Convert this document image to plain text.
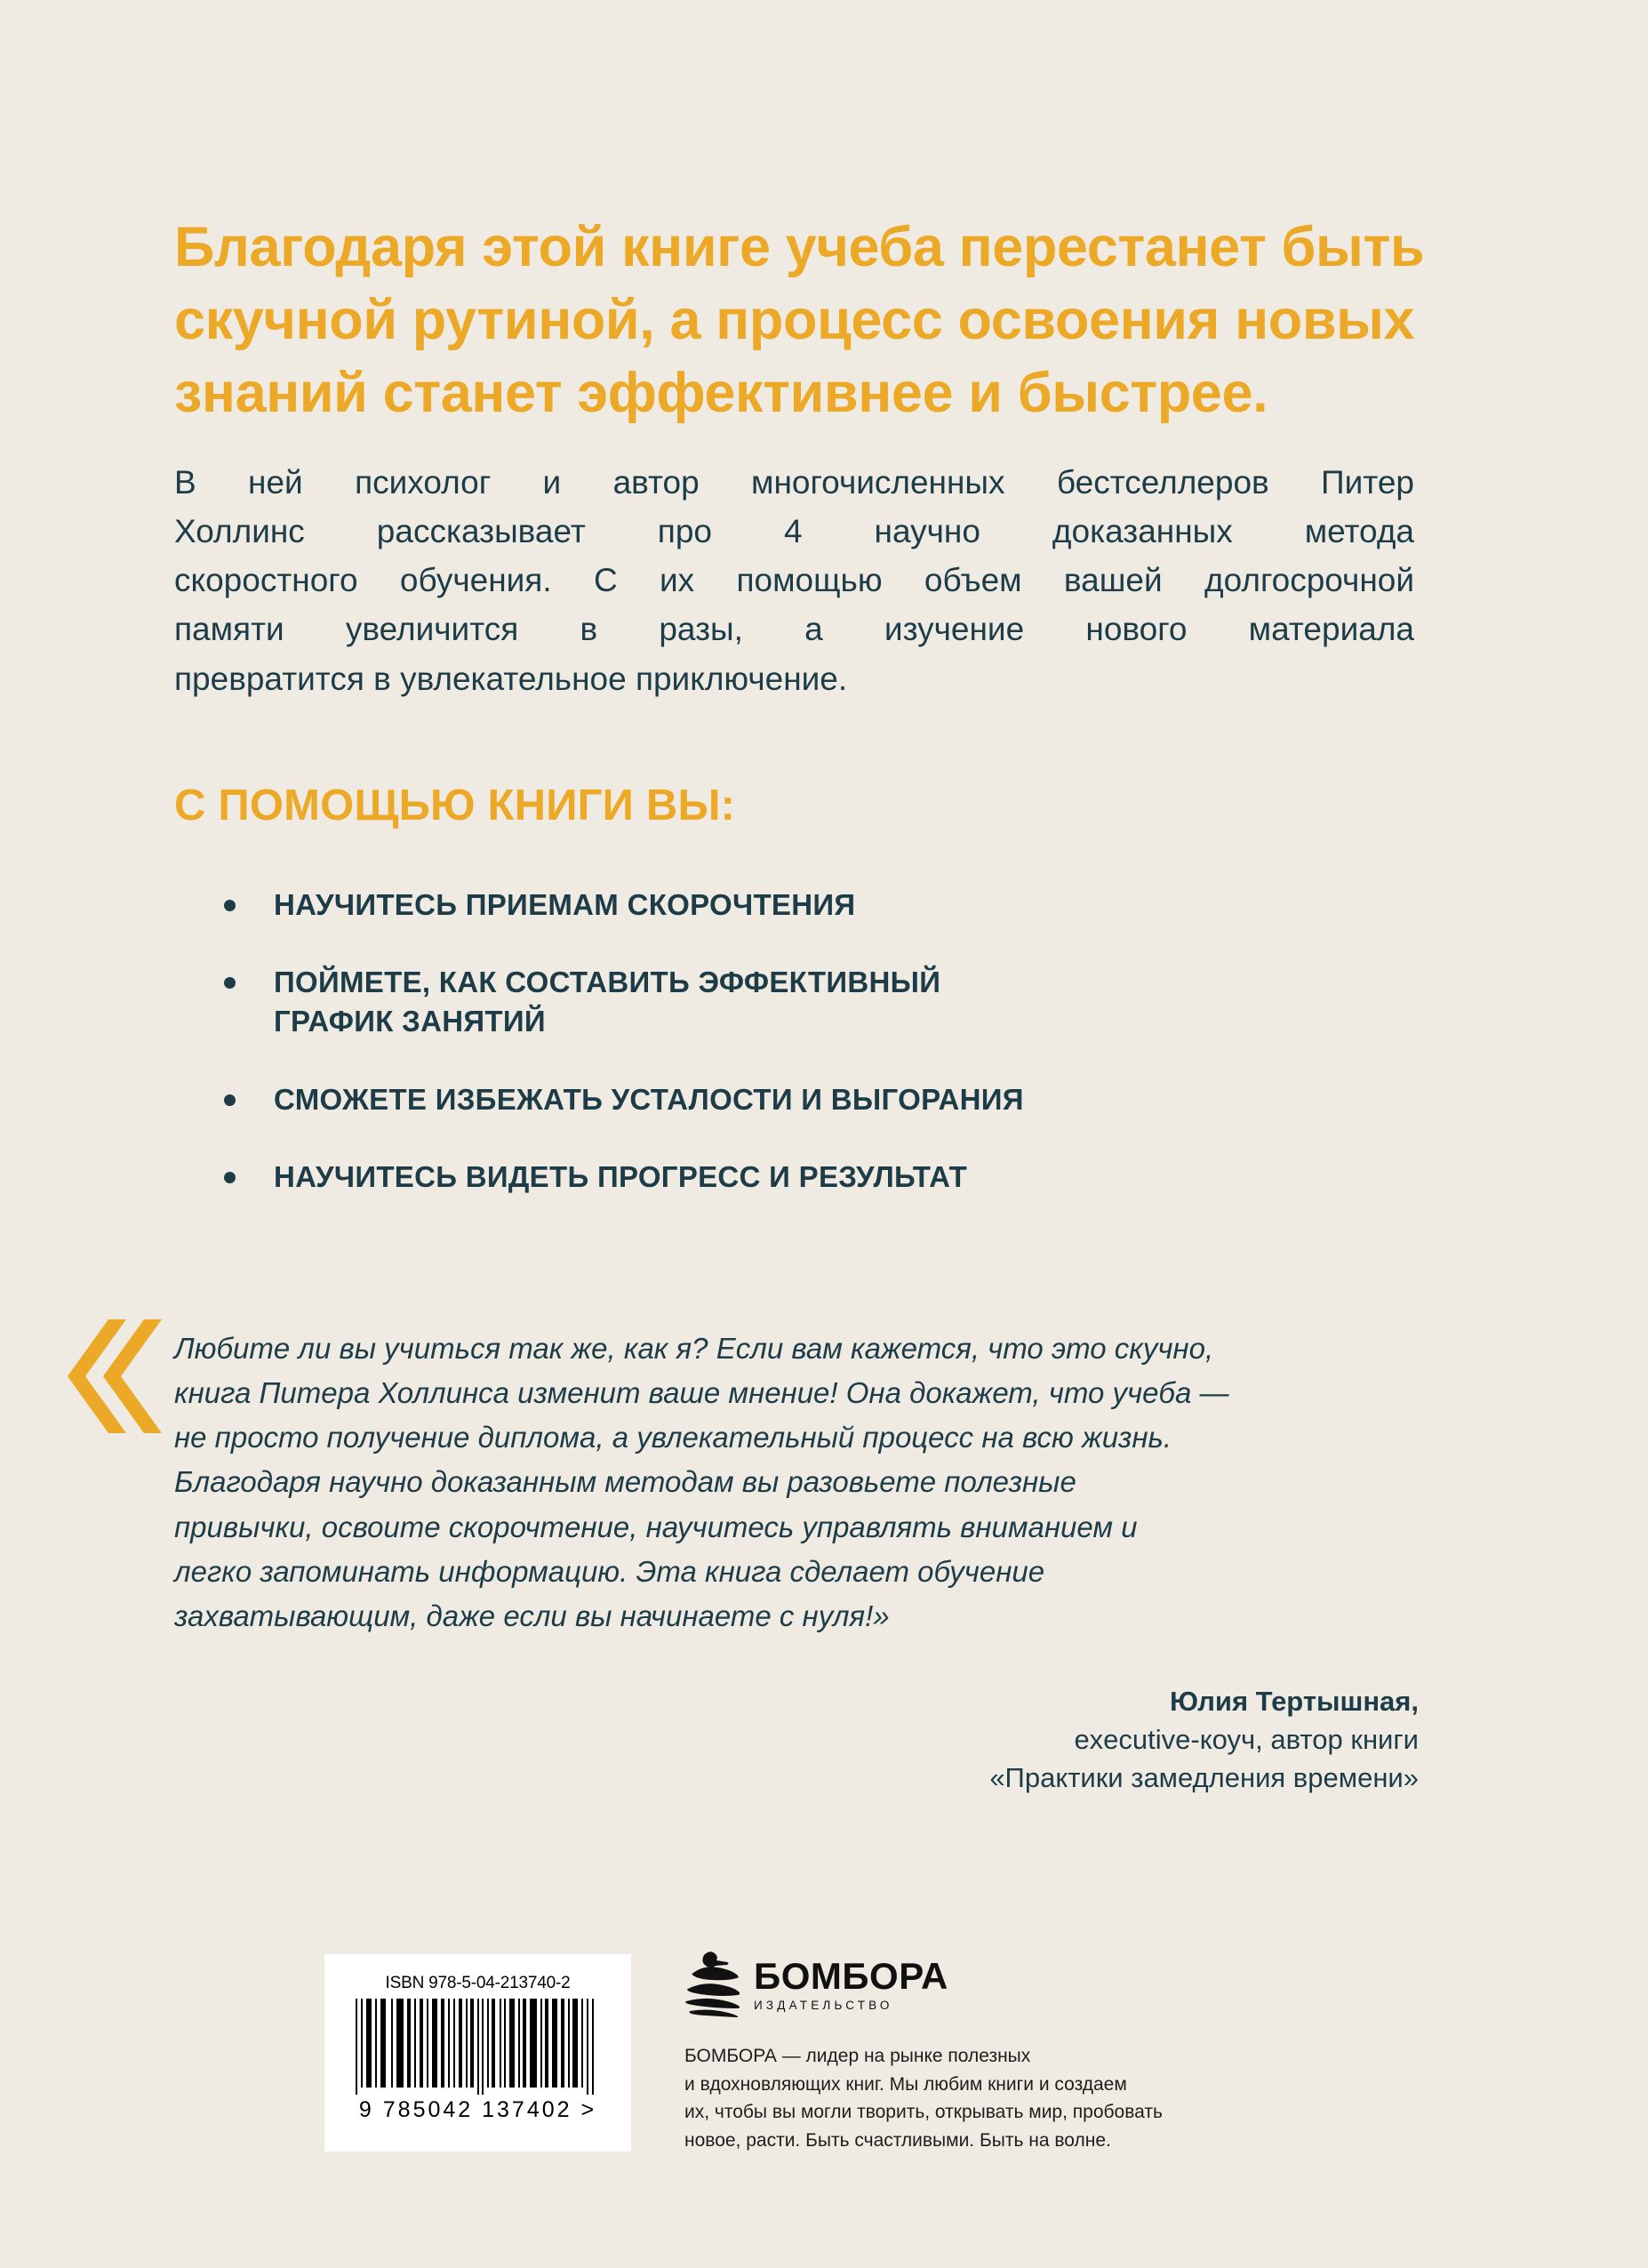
Благодаря этой книге учеба перестанет быть
скучной рутиной, а процесс освоения новых
знаний станет эффективнее и быстрее.
В ней психолог и автор многочисленных бестселлеров Питер
Холлинс рассказывает про 4 научно доказанных метода
скоростного обучения. С их помощью объем вашей долгосрочной
памяти увеличится в разы, а изучение нового материала
превратится в увлекательное приключение.
С ПОМОЩЬЮ КНИГИ ВЫ:
НАУЧИТЕСЬ ПРИЕМАМ СКОРОЧТЕНИЯ
ПОЙМЕТЕ, КАК СОСТАВИТЬ ЭФФЕКТИВНЫЙ
ГРАФИК ЗАНЯТИЙ
СМОЖЕТЕ ИЗБЕЖАТЬ УСТАЛОСТИ И ВЫГОРАНИЯ
НАУЧИТЕСЬ ВИДЕТЬ ПРОГРЕСС И РЕЗУЛЬТАТ
Любите ли вы учиться так же, как я? Если вам кажется, что это скучно,
книга Питера Холлинса изменит ваше мнение! Она докажет, что учеба —
не просто получение диплома, а увлекательный процесс на всю жизнь.
Благодаря научно доказанным методам вы разовьете полезные
привычки, освоите скорочтение, научитесь управлять вниманием и
легко запоминать информацию. Эта книга сделает обучение
захватывающим, даже если вы начинаете с нуля!»
Юлия Тертышная,
executive-коуч, автор книги
«Практики замедления времени»
ISBN 978-5-04-213740-2
9 785042 137402 >
БОМБОРА
ИЗДАТЕЛЬСТВО
БОМБОРА — лидер на рынке полезных
и вдохновляющих книг. Мы любим книги и создаем
их, чтобы вы могли творить, открывать мир, пробовать
новое, расти. Быть счастливыми. Быть на волне.
